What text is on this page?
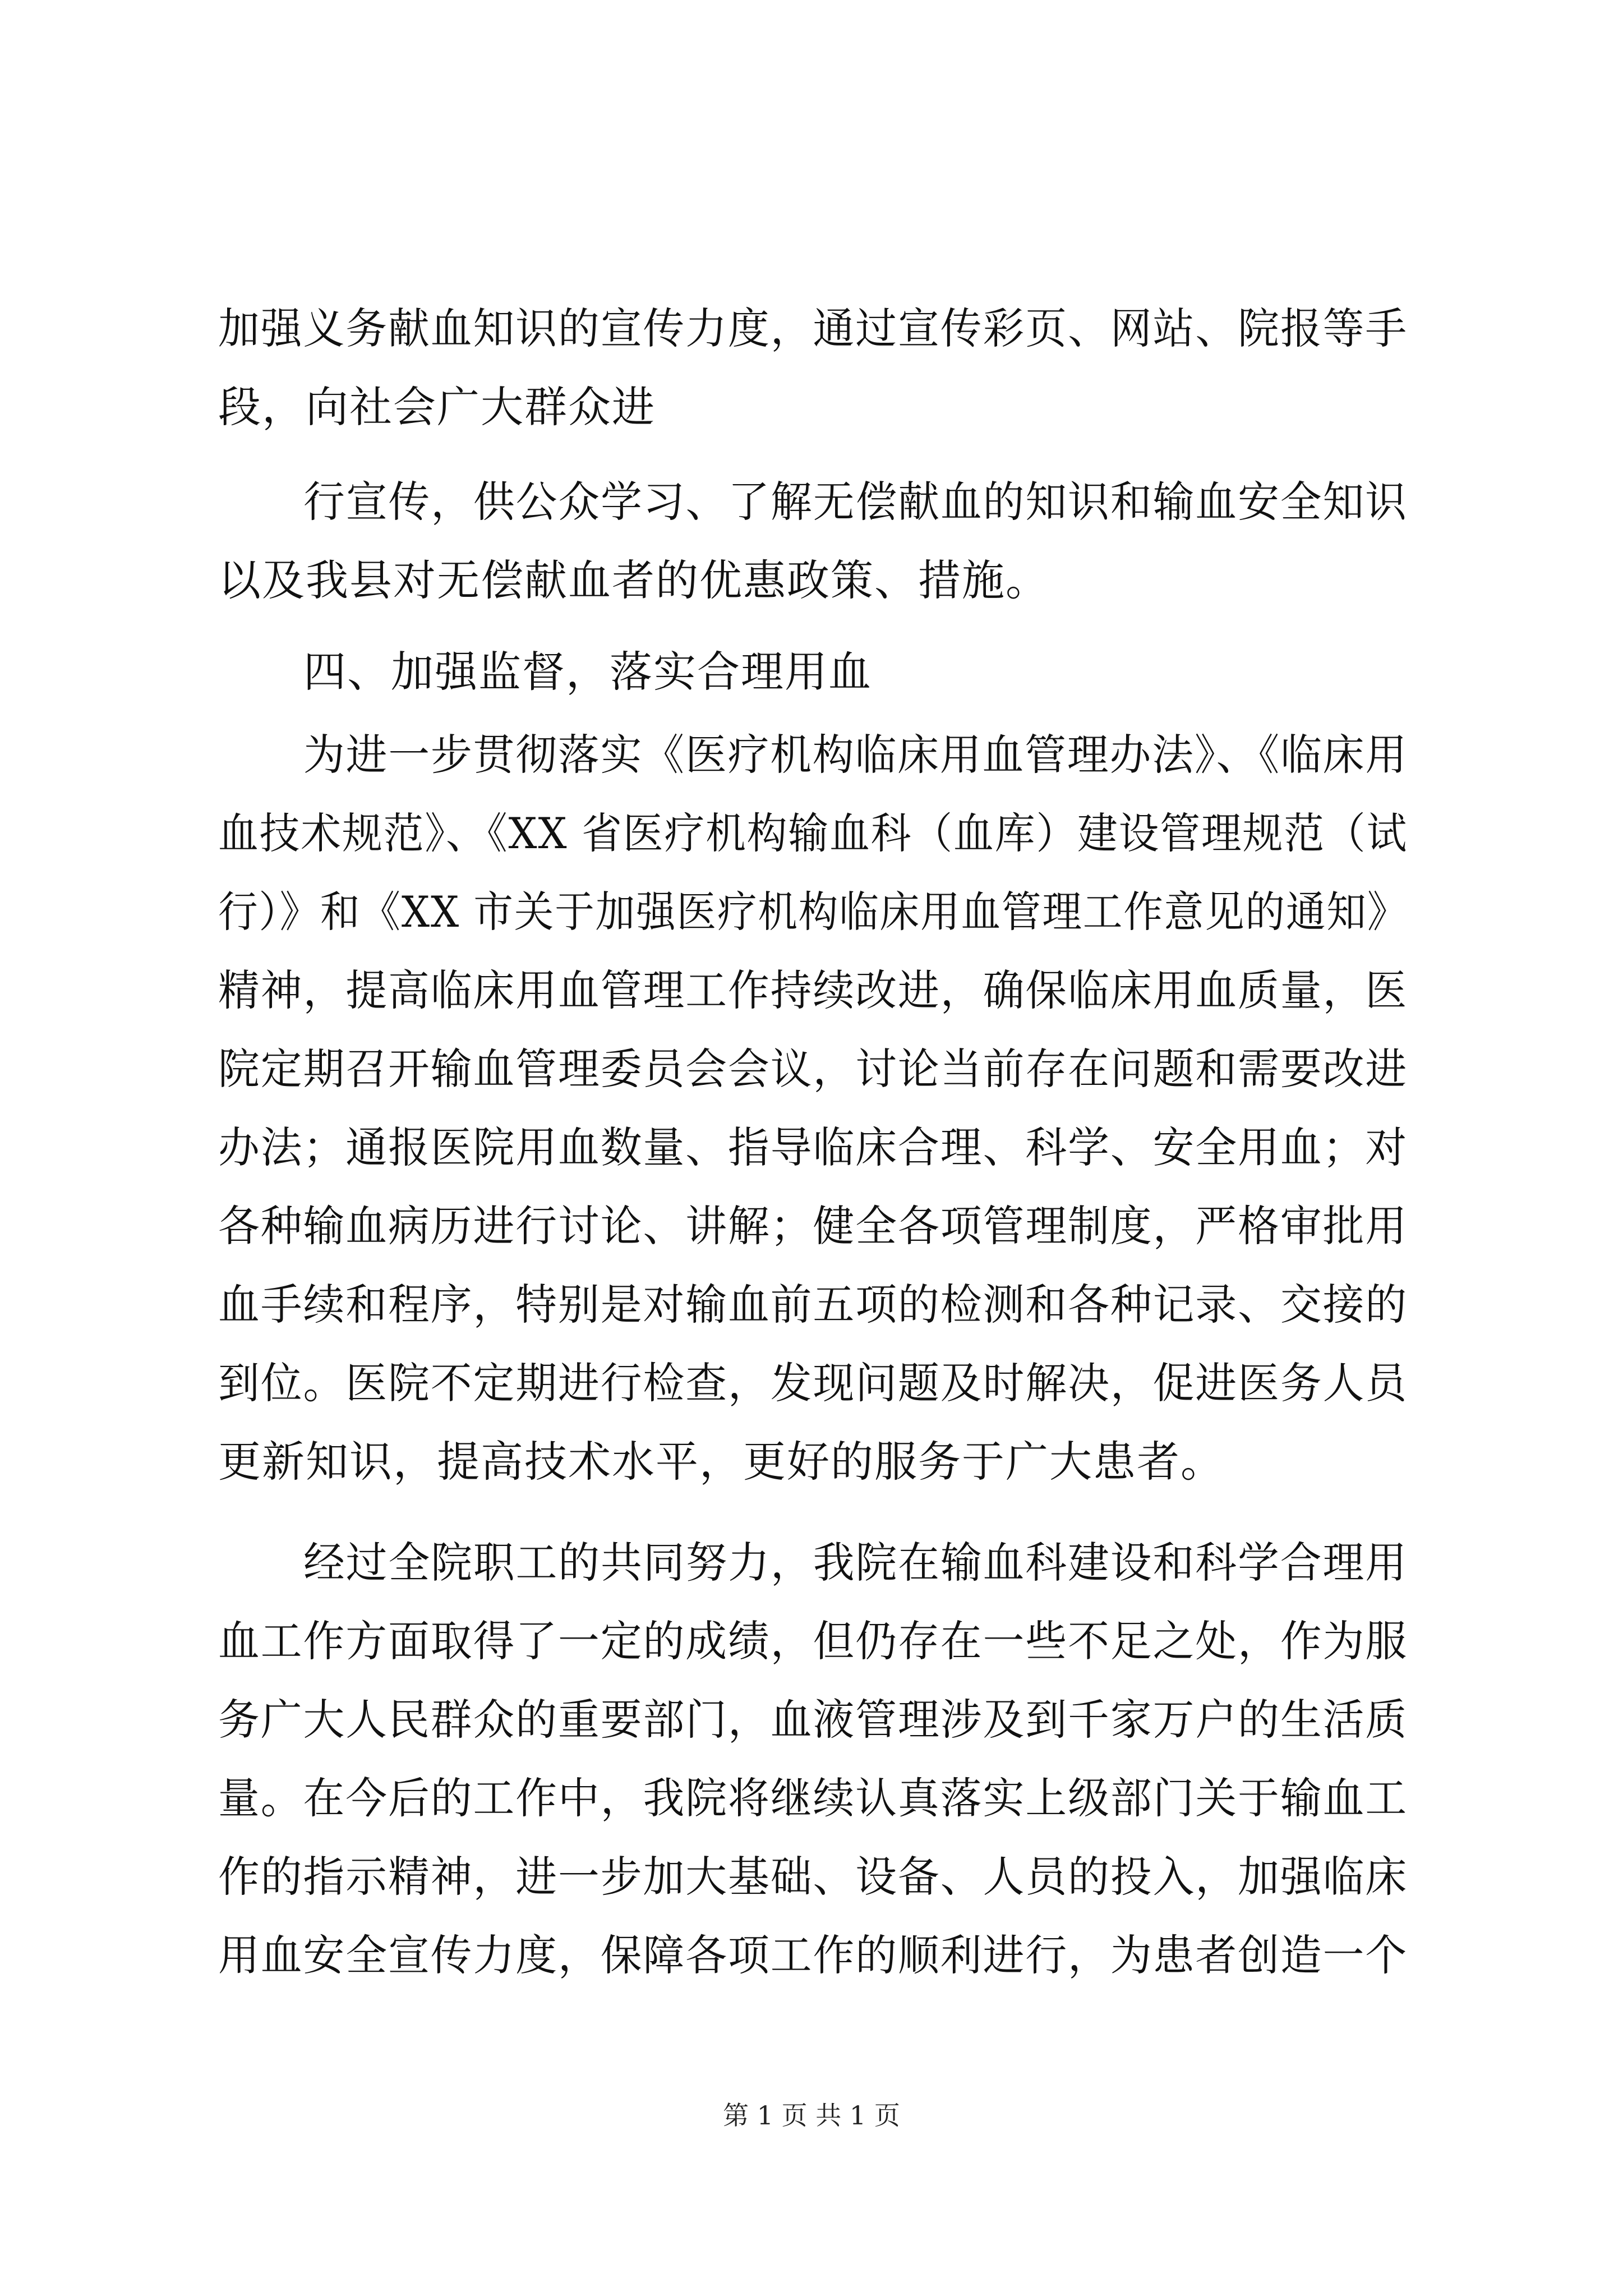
加强义务献血知识的宣传力度，通过宣传彩页、网站、院报等手
段，向社会广大群众进
行宣传，供公众学习、了解无偿献血的知识和输血安全知识
以及我县对无偿献血者的优惠政策、措施。
四、加强监督，落实合理用血
为进一步贯彻落实《医疗机构临床用血管理办法》、《临床用
血技术规范》、《XX 省医疗机构输血科（血库）建设管理规范（试
行）》和《XX 市关于加强医疗机构临床用血管理工作意见的通知》
精神，提高临床用血管理工作持续改进，确保临床用血质量，医
院定期召开输血管理委员会会议，讨论当前存在问题和需要改进
办法；通报医院用血数量、指导临床合理、科学、安全用血；对
各种输血病历进行讨论、讲解；健全各项管理制度，严格审批用
血手续和程序，特别是对输血前五项的检测和各种记录、交接的
到位。医院不定期进行检查，发现问题及时解决，促进医务人员
更新知识，提高技术水平，更好的服务于广大患者。
经过全院职工的共同努力，我院在输血科建设和科学合理用
血工作方面取得了一定的成绩，但仍存在一些不足之处，作为服
务广大人民群众的重要部门，血液管理涉及到千家万户的生活质
量。在今后的工作中，我院将继续认真落实上级部门关于输血工
作的指示精神，进一步加大基础、设备、人员的投入，加强临床
用血安全宣传力度，保障各项工作的顺利进行，为患者创造一个
第 1 页 共 1 页
